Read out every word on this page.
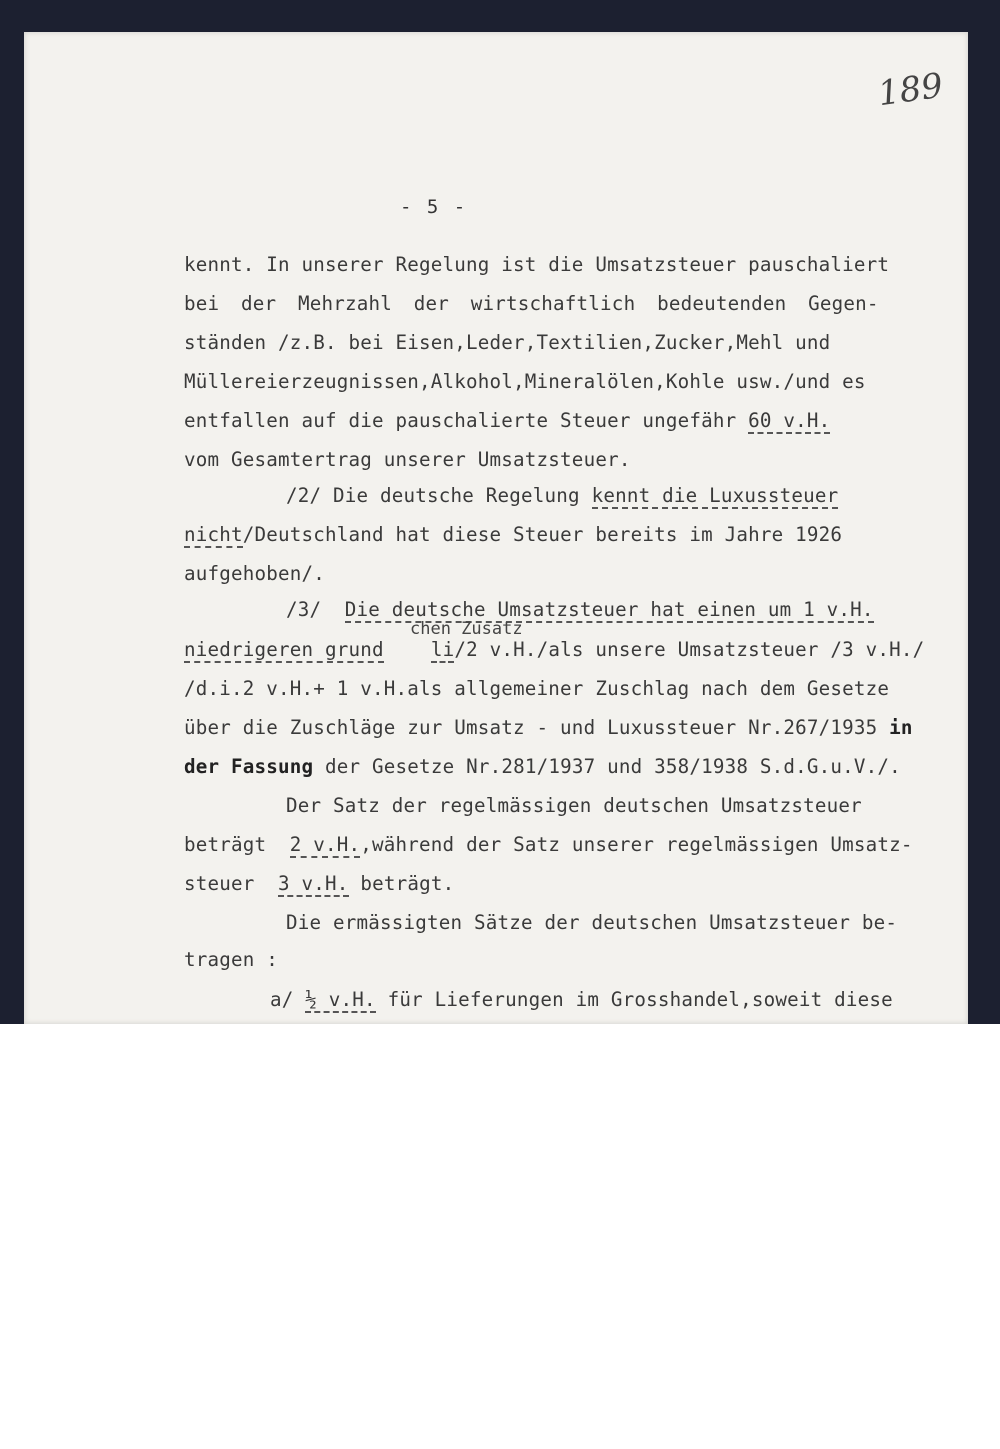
189
- 5 -
kennt. In unserer Regelung ist die Umsatzsteuer pauschaliert
bei der Mehrzahl der wirtschaftlich bedeutenden Gegen-
ständen /z.B. bei Eisen,Leder,Textilien,Zucker,Mehl und
Müllereierzeugnissen,Alkohol,Mineralölen,Kohle usw./und es
entfallen auf die pauschalierte Steuer ungefähr 60 v.H.
vom Gesamtertrag unserer Umsatzsteuer.
/2/ Die deutsche Regelung kennt die Luxussteuer
nicht/Deutschland hat diese Steuer bereits im Jahre 1926
aufgehoben/.
/3/ Die deutsche Umsatzsteuer hat einen um 1 v.H.
chen Zusatz
niedrigeren grund li/2 v.H./als unsere Umsatzsteuer /3 v.H./
/d.i.2 v.H.+ 1 v.H.als allgemeiner Zuschlag nach dem Gesetze
über die Zuschläge zur Umsatz - und Luxussteuer Nr.267/1935 in
der Fassung der Gesetze Nr.281/1937 und 358/1938 S.d.G.u.V./.
Der Satz der regelmässigen deutschen Umsatzsteuer
beträgt 2 v.H.,während der Satz unserer regelmässigen Umsatz-
steuer 3 v.H. beträgt.
Die ermässigten Sätze der deutschen Umsatzsteuer be-
tragen :
a/ ½ v.H. für Lieferungen im Grosshandel,soweit diese
